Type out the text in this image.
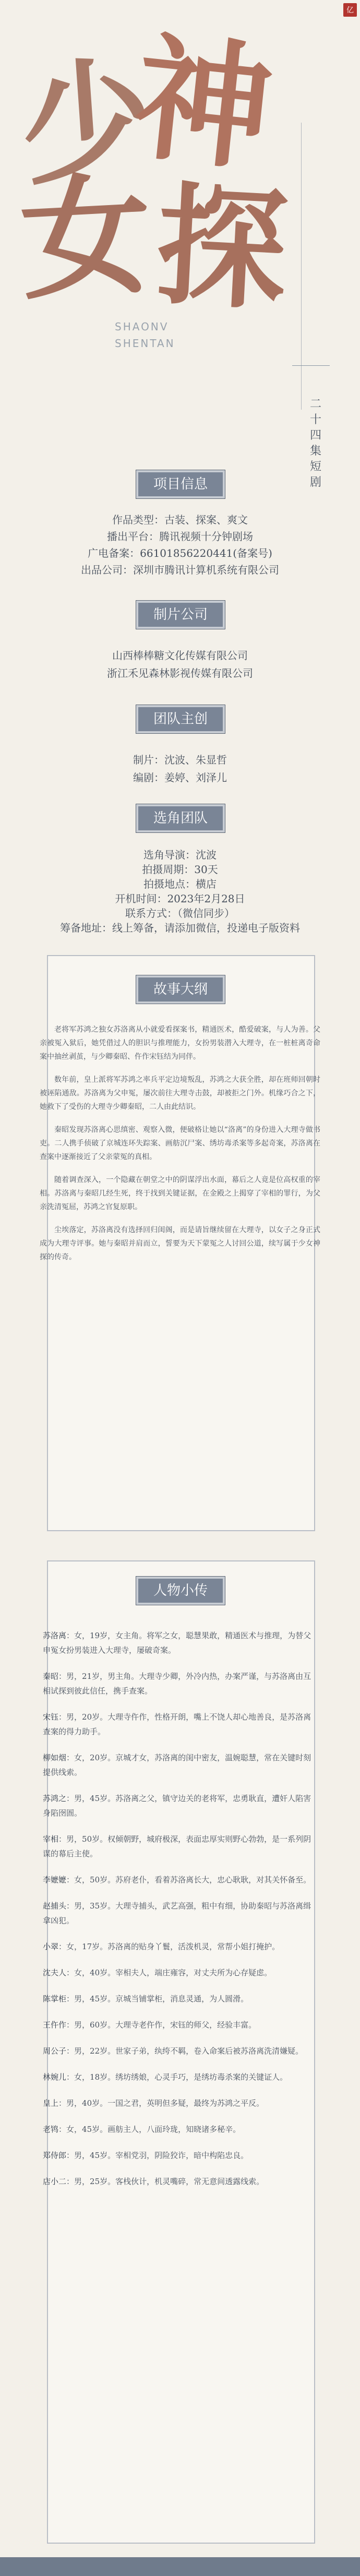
亿
少
神
女
探
SHAONV
SHENTAN
二十四集短剧
项目信息
作品类型：古装、探案、爽文
播出平台：腾讯视频十分钟剧场
广电备案：66101856220441(备案号)
出品公司：深圳市腾讯计算机系统有限公司
制片公司
山西棒棒糖文化传媒有限公司
浙江禾见森林影视传媒有限公司
团队主创
制片：沈波、朱显哲
编剧：姜婷、刘泽儿
选角团队
选角导演：沈波
拍摄周期：30天
拍摄地点：横店
开机时间：2023年2月28日
联系方式：（微信同步）
筹备地址：线上筹备，请添加微信，投递电子版资料
故事大纲

老将军苏鸿之独女苏洛离从小就爱看探案书，精通医术，酷爱破案，与人为善。父亲被冤入狱后，她凭借过人的胆识与推理能力，女扮男装潜入大理寺，在一桩桩离奇命案中抽丝剥茧，与少卿秦昭、仵作宋钰结为同伴。

数年前，皇上派将军苏鸿之率兵平定边境叛乱，苏鸿之大获全胜，却在班师回朝时被诬陷通敌。苏洛离为父申冤，屡次前往大理寺击鼓，却被拒之门外。机缘巧合之下，她救下了受伤的大理寺少卿秦昭，二人由此结识。

秦昭发现苏洛离心思缜密、观察入微，便破格让她以“洛离”的身份进入大理寺做书吏。二人携手侦破了京城连环失踪案、画舫沉尸案、绣坊毒杀案等多起奇案，苏洛离在查案中逐渐接近了父亲蒙冤的真相。

随着调查深入，一个隐藏在朝堂之中的阴谋浮出水面，幕后之人竟是位高权重的宰相。苏洛离与秦昭几经生死，终于找到关键证据，在金殿之上揭穿了宰相的罪行，为父亲洗清冤屈，苏鸿之官复原职。

尘埃落定，苏洛离没有选择回归闺阁，而是请旨继续留在大理寺，以女子之身正式成为大理寺评事。她与秦昭并肩而立，誓要为天下蒙冤之人讨回公道，续写属于少女神探的传奇。

人物小传

苏洛离：女，19岁，女主角。将军之女，聪慧果敢，精通医术与推理，为替父申冤女扮男装进入大理寺，屡破奇案。

秦昭：男，21岁，男主角。大理寺少卿，外冷内热，办案严谨，与苏洛离由互相试探到彼此信任，携手查案。

宋钰：男，20岁。大理寺仵作，性格开朗，嘴上不饶人却心地善良，是苏洛离查案的得力助手。

柳如烟：女，20岁。京城才女，苏洛离的闺中密友，温婉聪慧，常在关键时刻提供线索。

苏鸿之：男，45岁。苏洛离之父，镇守边关的老将军，忠勇耿直，遭奸人陷害身陷囹圄。

宰相：男，50岁。权倾朝野，城府极深，表面忠厚实则野心勃勃，是一系列阴谋的幕后主使。

李嬷嬷：女，50岁。苏府老仆，看着苏洛离长大，忠心耿耿，对其关怀备至。

赵捕头：男，35岁。大理寺捕头，武艺高强，粗中有细，协助秦昭与苏洛离缉拿凶犯。

小翠：女，17岁。苏洛离的贴身丫鬟，活泼机灵，常帮小姐打掩护。

沈夫人：女，40岁。宰相夫人，端庄雍容，对丈夫所为心存疑虑。

陈掌柜：男，45岁。京城当铺掌柜，消息灵通，为人圆滑。

王仵作：男，60岁。大理寺老仵作，宋钰的师父，经验丰富。

周公子：男，22岁。世家子弟，纨绔不羁，卷入命案后被苏洛离洗清嫌疑。

林婉儿：女，18岁。绣坊绣娘，心灵手巧，是绣坊毒杀案的关键证人。

皇上：男，40岁。一国之君，英明但多疑，最终为苏鸿之平反。

老鸨：女，45岁。画舫主人，八面玲珑，知晓诸多秘辛。

郑侍郎：男，45岁。宰相党羽，阴险狡诈，暗中构陷忠良。

店小二：男，25岁。客栈伙计，机灵嘴碎，常无意间透露线索。
